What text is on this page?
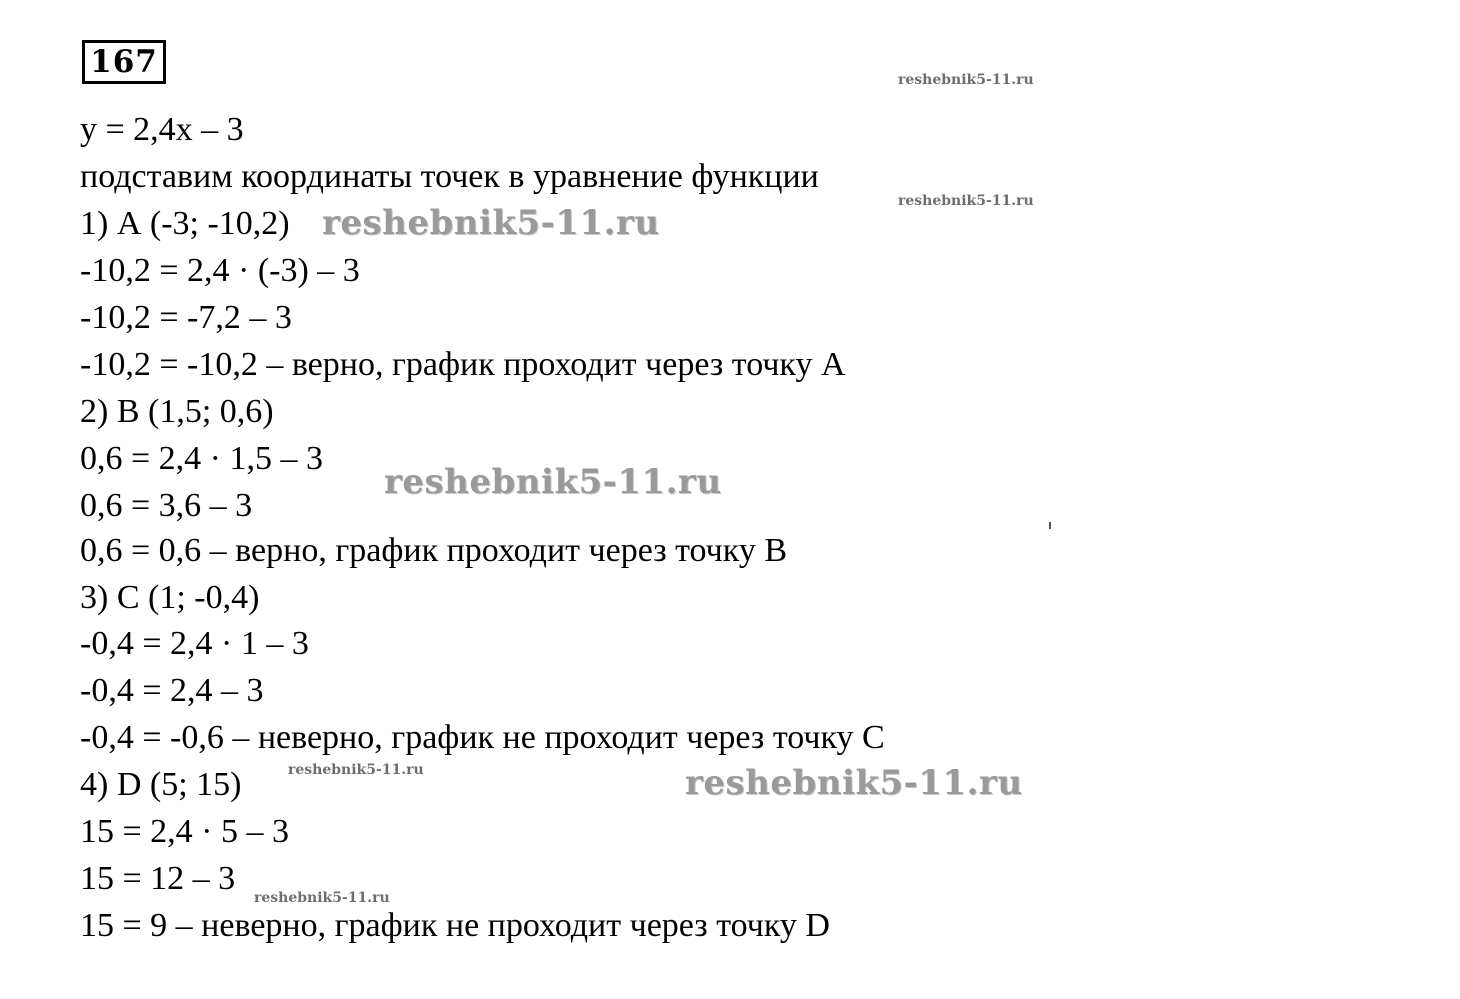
167	reshebnik5-11.ru
y = 2,4x – 3
подставим координаты точек в уравнение функции
reshebnik5-11.ru
1) А (-3; -10,2) reshebnik5-11.ru
-10,2 = 2,4 · (-3) – 3
-10,2 = -7,2 – 3
-10,2 = -10,2 – верно, график проходит через точку А
2) В (1,5; 0,6)
0,6 = 2,4 · 1,5 – 3
reshebnik5-11.ru
0,6 = 3,6 – 3
0,6 = 0,6 – верно, график проходит через точку В
3) С (1; -0,4)
-0,4 = 2,4 · 1 – 3
-0,4 = 2,4 – 3
-0,4 = -0,6 – неверно, график не проходит через точку С
reshebnik5-11.ru
4) D (5; 15)	reshebnik5-11.ru
15 = 2,4 · 5 – 3
15 = 12 – 3
reshebnik5-11.ru
15 = 9 – неверно, график не проходит через точку D
